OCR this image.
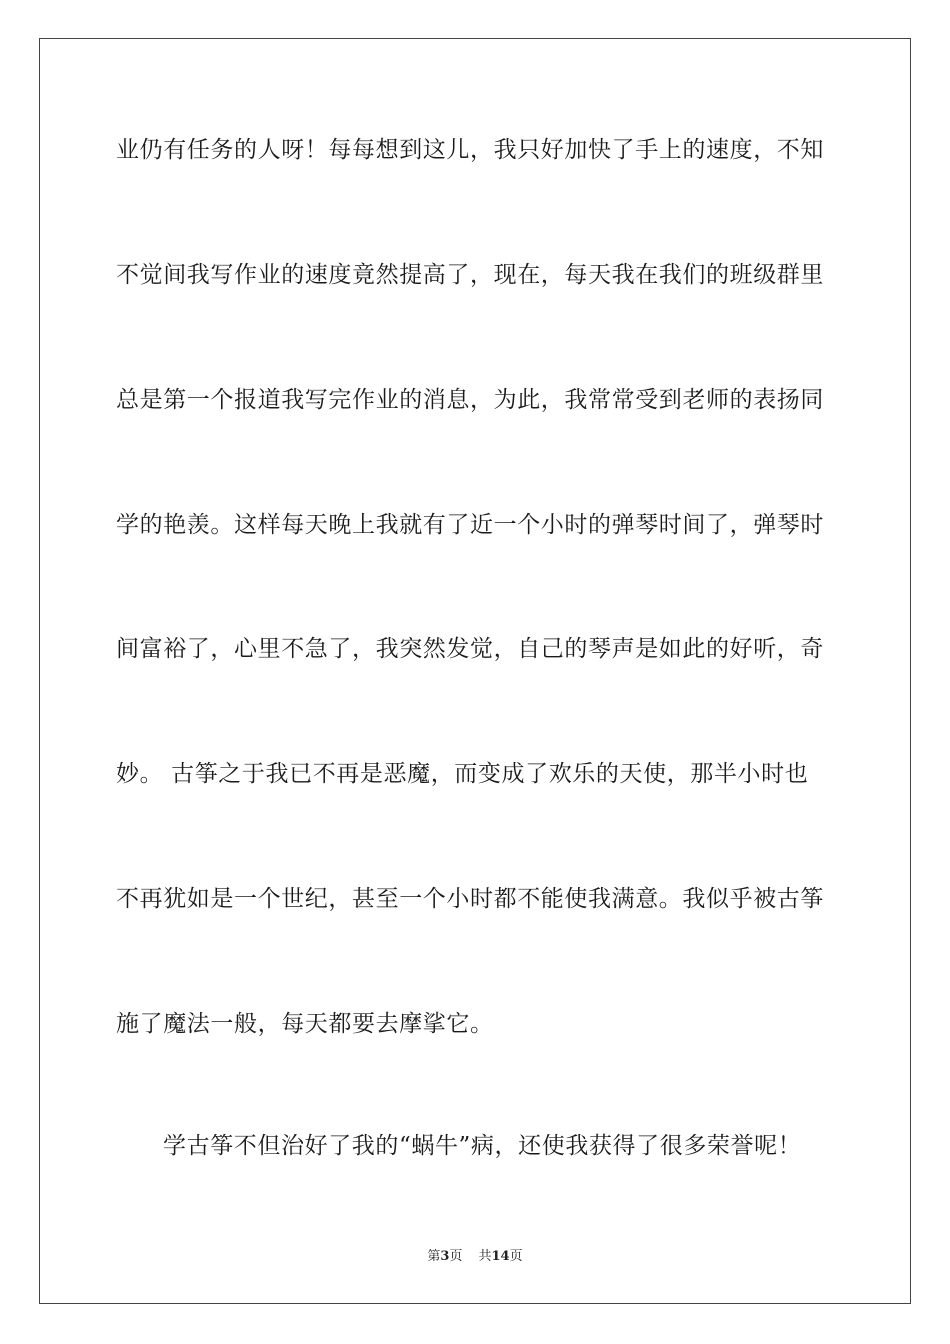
业仍有任务的人呀！每每想到这儿，我只好加快了手上的速度，不知
不觉间我写作业的速度竟然提高了，现在，每天我在我们的班级群里
总是第一个报道我写完作业的消息，为此，我常常受到老师的表扬同
学的艳羡。这样每天晚上我就有了近一个小时的弹琴时间了，弹琴时
间富裕了，心里不急了，我突然发觉，自己的琴声是如此的好听，奇
妙。 古筝之于我已不再是恶魔，而变成了欢乐的天使，那半小时也
不再犹如是一个世纪，甚至一个小时都不能使我满意。我似乎被古筝
施了魔法一般，每天都要去摩挲它。
学古筝不但治好了我的“蜗牛”病，还使我获得了很多荣誉呢！
第3页 共14页
